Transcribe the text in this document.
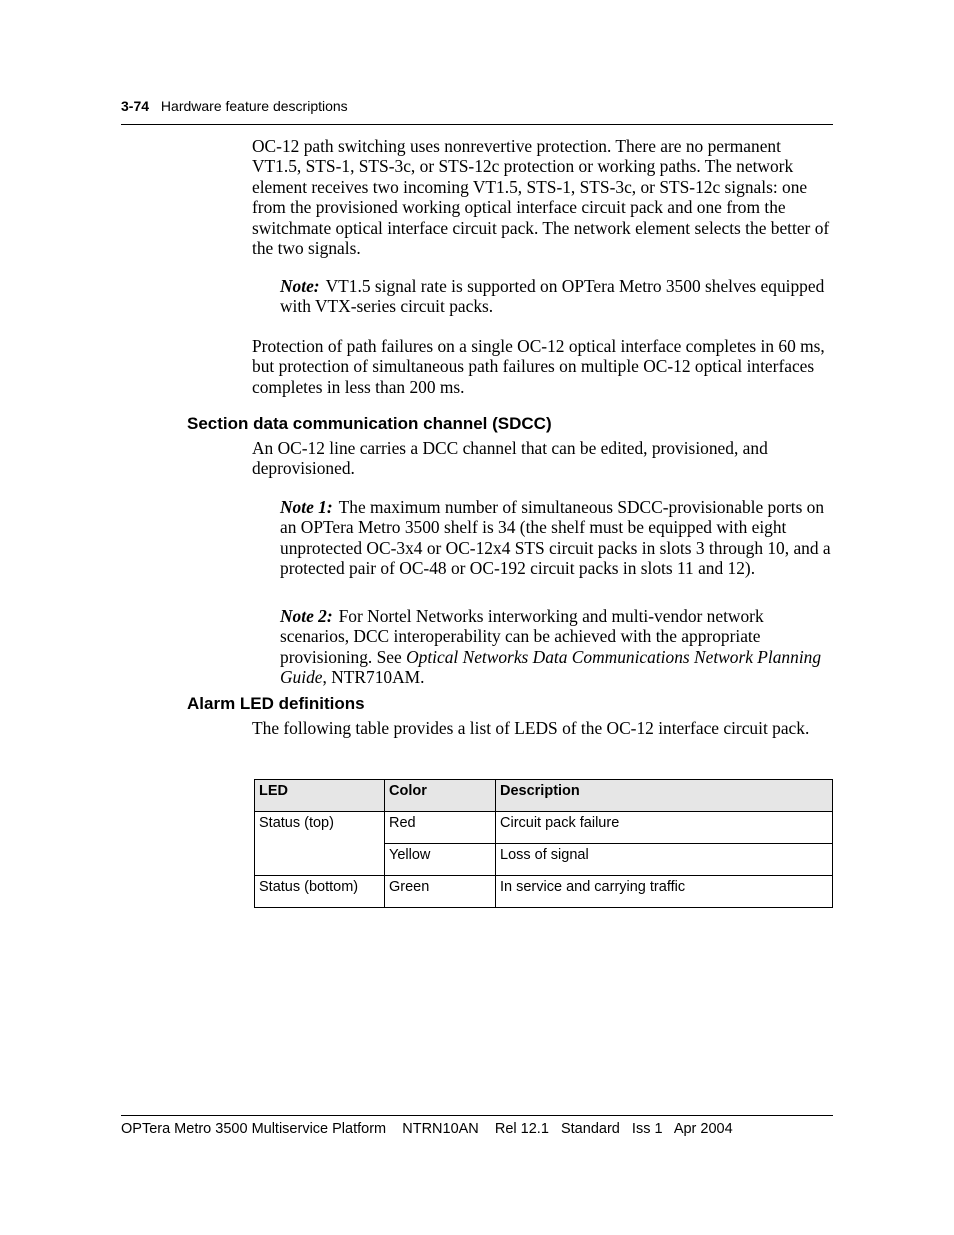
3-74 Hardware feature descriptions

OC-12 path switching uses nonrevertive protection. There are no permanent VT1.5, STS-1, STS-3c, or STS-12c protection or working paths. The network element receives two incoming VT1.5, STS-1, STS-3c, or STS-12c signals: one from the provisioned working optical interface circuit pack and one from the switchmate optical interface circuit pack. The network element selects the better of the two signals.

Note: VT1.5 signal rate is supported on OPTera Metro 3500 shelves equipped with VTX-series circuit packs.

Protection of path failures on a single OC-12 optical interface completes in 60 ms, but protection of simultaneous path failures on multiple OC-12 optical interfaces completes in less than 200 ms.

Section data communication channel (SDCC)

An OC-12 line carries a DCC channel that can be edited, provisioned, and deprovisioned.

Note 1: The maximum number of simultaneous SDCC-provisionable ports on an OPTera Metro 3500 shelf is 34 (the shelf must be equipped with eight unprotected OC-3x4 or OC-12x4 STS circuit packs in slots 3 through 10, and a protected pair of OC-48 or OC-192 circuit packs in slots 11 and 12).

Note 2: For Nortel Networks interworking and multi-vendor network scenarios, DCC interoperability can be achieved with the appropriate provisioning. See Optical Networks Data Communications Network Planning Guide, NTR710AM.

Alarm LED definitions

The following table provides a list of LEDS of the OC-12 interface circuit pack.

LED	Color	Description
Status (top)	Red	Circuit pack failure
	Yellow	Loss of signal
Status (bottom)	Green	In service and carrying traffic
OPTera Metro 3500 Multiservice Platform    NTRN10AN    Rel 12.1   Standard   Iss 1   Apr 2004
